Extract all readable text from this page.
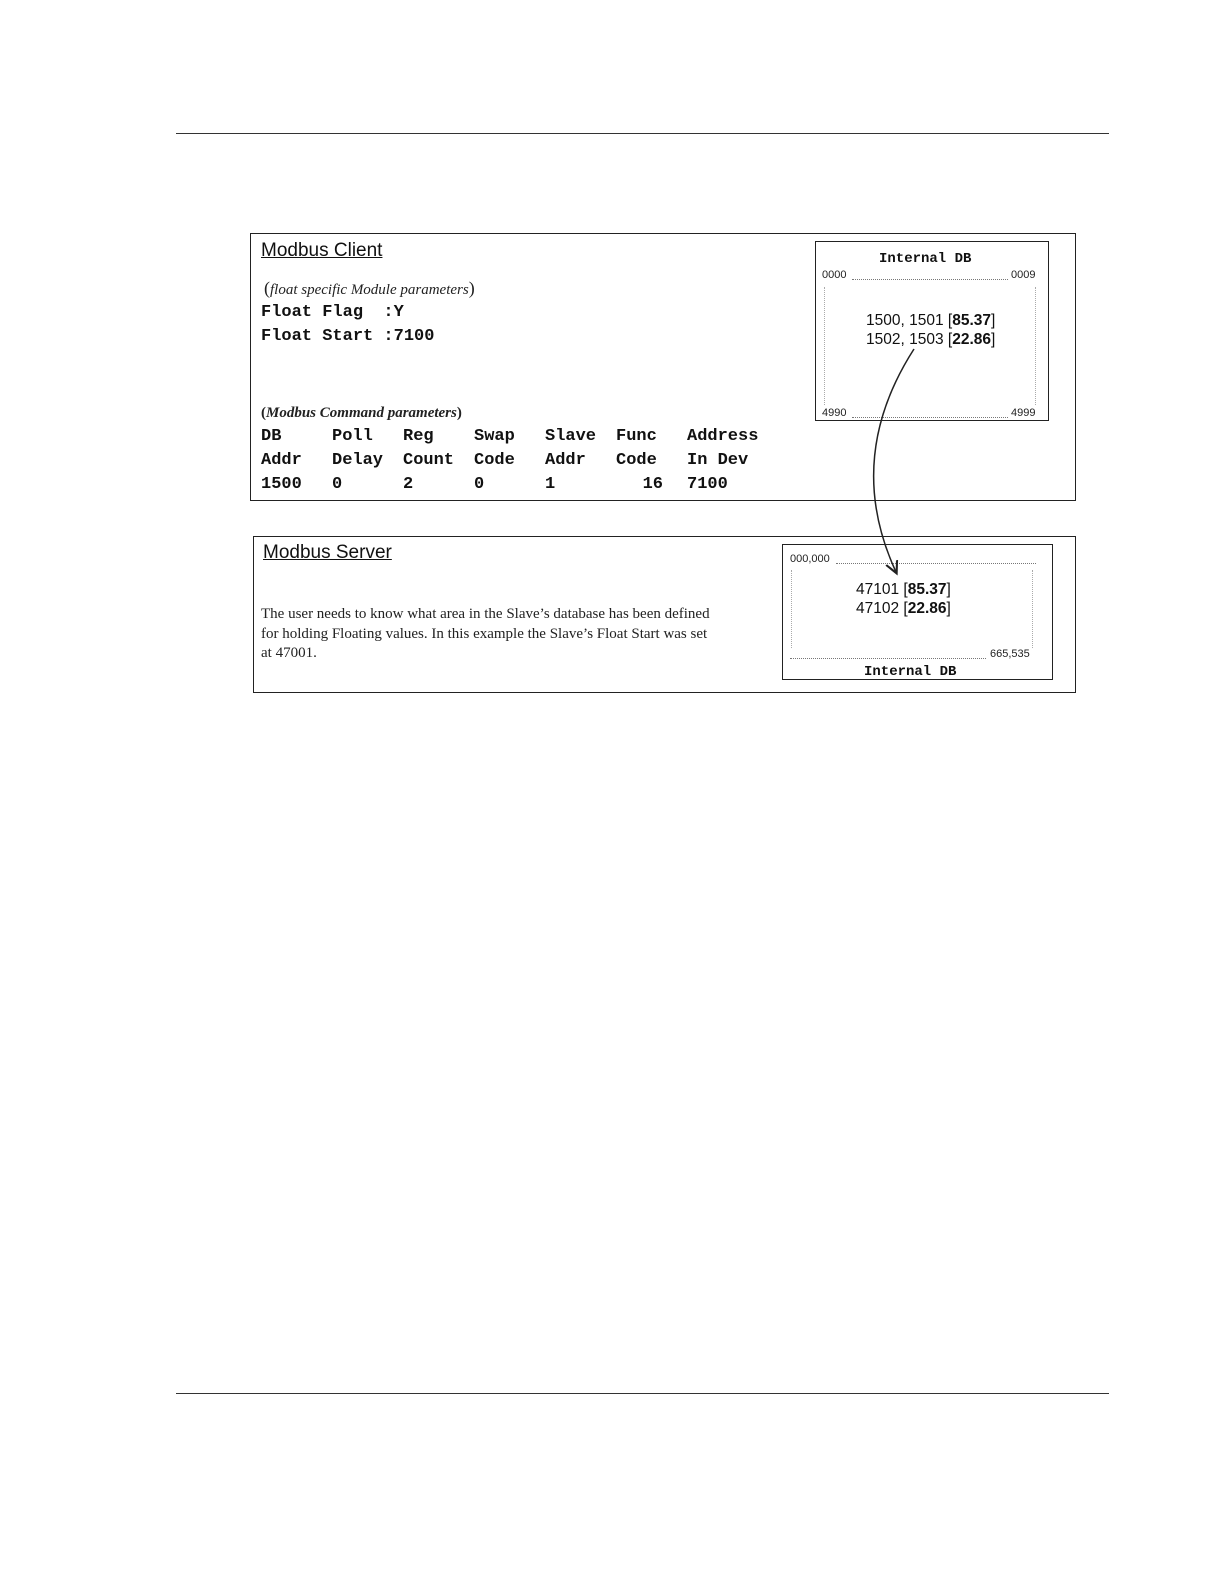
Modbus Client
(float specific Module parameters)
Float Flag  :Y
Float Start :7100
(Modbus Command parameters)
DB	Poll	Reg	Swap	Slave	Func	Address
Addr	Delay	Count	Code	Addr	Code	In Dev
1500	0	2	0	1	16	7100
Internal DB
0000	0009
1500, 1501 [85.37]
1502, 1503 [22.86]
4990	4999
Modbus Server
The user needs to know what area in the Slave’s database has been defined for holding Floating values. In this example the Slave’s Float Start was set at 47001.
000,000
47101 [85.37]
47102 [22.86]
665,535
Internal DB
